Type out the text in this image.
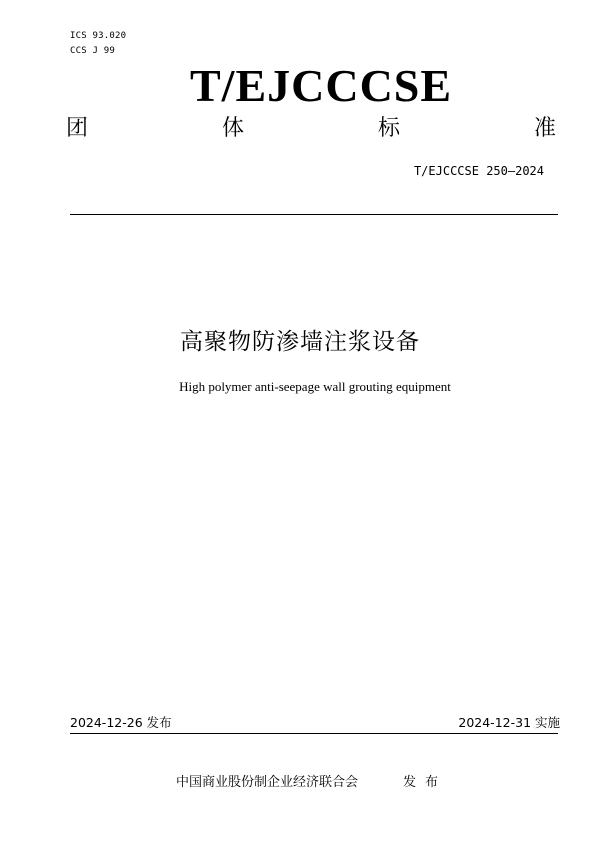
ICS 93.020
CCS J 99
T/EJCCCSE
团	体	标	准
T/EJCCCSE 250—2024
高聚物防渗墙注浆设备
High polymer anti-seepage wall grouting equipment
2024-12-26 发布	2024-12-31 实施
中国商业股份制企业经济联合会	发布
